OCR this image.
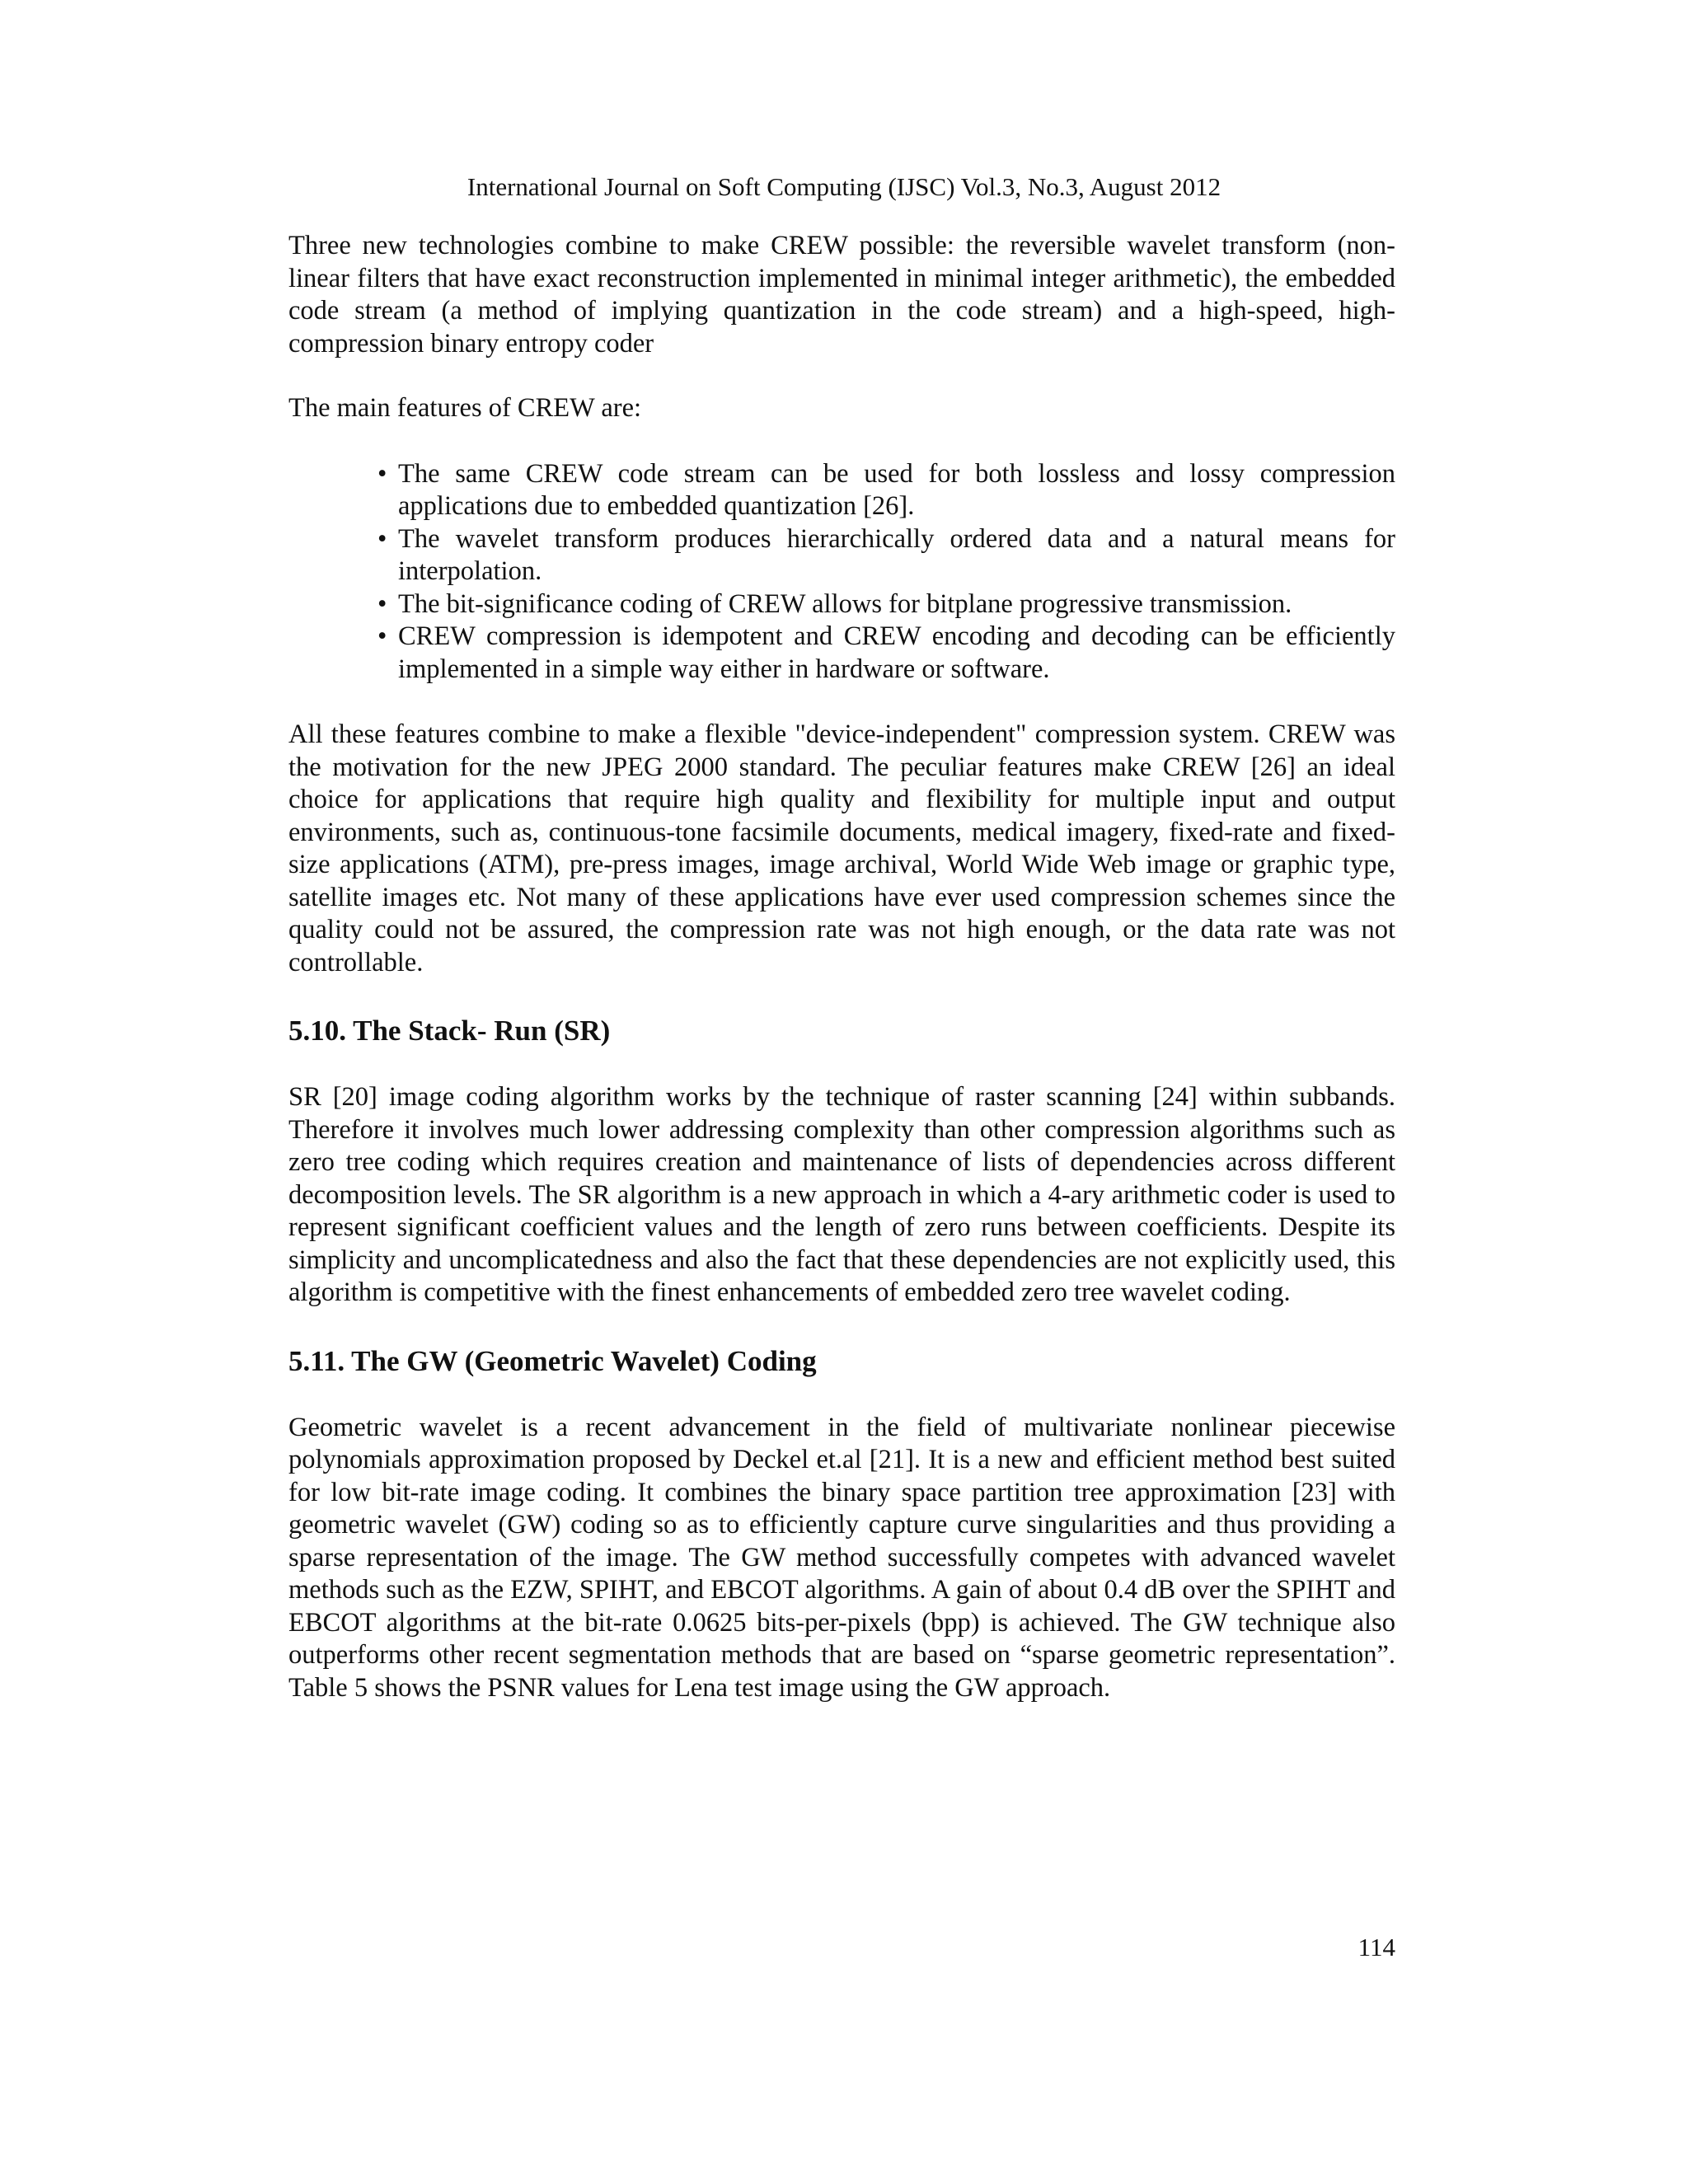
International Journal on Soft Computing (IJSC) Vol.3, No.3, August 2012

Three new technologies combine to make CREW possible: the reversible wavelet transform (non-linear filters that have exact reconstruction implemented in minimal integer arithmetic), the embedded code stream (a method of implying quantization in the code stream) and a high-speed, high-compression binary entropy coder

The main features of CREW are:

• The same CREW code stream can be used for both lossless and lossy compression applications due to embedded quantization [26].
• The wavelet transform produces hierarchically ordered data and a natural means for interpolation.
• The bit-significance coding of CREW allows for bitplane progressive transmission.
• CREW compression is idempotent and CREW encoding and decoding can be efficiently implemented in a simple way either in hardware or software.

All these features combine to make a flexible "device-independent" compression system. CREW was the motivation for the new JPEG 2000 standard. The peculiar features make CREW [26] an ideal choice for applications that require high quality and flexibility for multiple input and output environments, such as, continuous-tone facsimile documents, medical imagery, fixed-rate and fixed-size applications (ATM), pre-press images, image archival, World Wide Web image or graphic type, satellite images etc. Not many of these applications have ever used compression schemes since the quality could not be assured, the compression rate was not high enough, or the data rate was not controllable.

5.10. The Stack- Run (SR)

SR [20] image coding algorithm works by the technique of raster scanning [24] within subbands. Therefore it involves much lower addressing complexity than other compression algorithms such as zero tree coding which requires creation and maintenance of lists of dependencies across different decomposition levels. The SR algorithm is a new approach in which a 4-ary arithmetic coder is used to represent significant coefficient values and the length of zero runs between coefficients. Despite its simplicity and uncomplicatedness and also the fact that these dependencies are not explicitly used, this algorithm is competitive with the finest enhancements of embedded zero tree wavelet coding.

5.11. The GW (Geometric Wavelet) Coding

Geometric wavelet is a recent advancement in the field of multivariate nonlinear piecewise polynomials approximation proposed by Deckel et.al [21]. It is a new and efficient method best suited for low bit-rate image coding. It combines the binary space partition tree approximation [23] with geometric wavelet (GW) coding so as to efficiently capture curve singularities and thus providing a sparse representation of the image. The GW method successfully competes with advanced wavelet methods such as the EZW, SPIHT, and EBCOT algorithms. A gain of about 0.4 dB over the SPIHT and EBCOT algorithms at the bit-rate 0.0625 bits-per-pixels (bpp) is achieved. The GW technique also outperforms other recent segmentation methods that are based on “sparse geometric representation”. Table 5 shows the PSNR values for Lena test image using the GW approach.

114
